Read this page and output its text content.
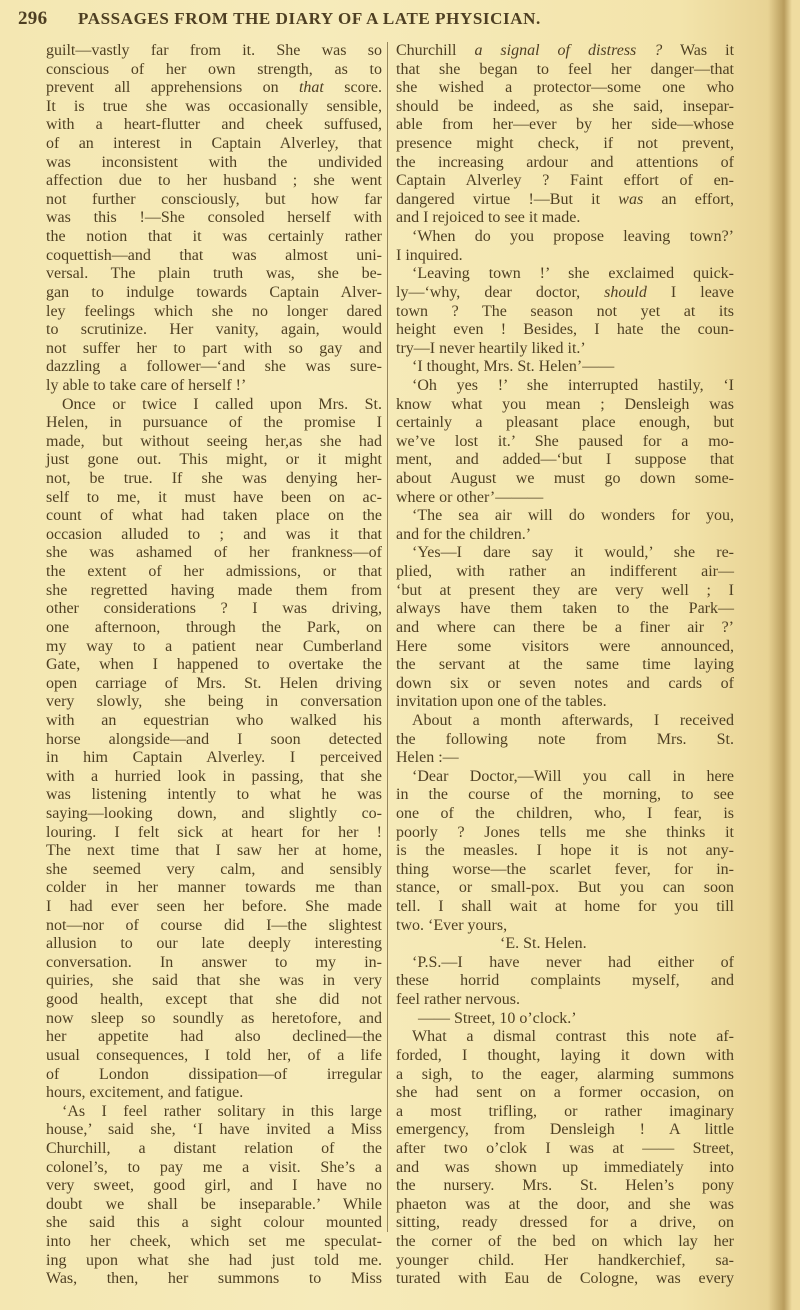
296 PASSAGES FROM THE DIARY OF A LATE PHYSICIAN.
guilt—vastly far from it. She was so
conscious of her own strength, as to
prevent all apprehensions on that score.
It is true she was occasionally sensible,
with a heart-flutter and cheek suffused,
of an interest in Captain Alverley, that
was inconsistent with the undivided
affection due to her husband ; she went
not further consciously, but how far
was this !—She consoled herself with
the notion that it was certainly rather
coquettish—and that was almost uni-
versal. The plain truth was, she be-
gan to indulge towards Captain Alver-
ley feelings which she no longer dared
to scrutinize. Her vanity, again, would
not suffer her to part with so gay and
dazzling a follower—‘and she was sure-
ly able to take care of herself !’
Once or twice I called upon Mrs. St.
Helen, in pursuance of the promise I
made, but without seeing her,as she had
just gone out. This might, or it might
not, be true. If she was denying her-
self to me, it must have been on ac-
count of what had taken place on the
occasion alluded to ; and was it that
she was ashamed of her frankness—of
the extent of her admissions, or that
she regretted having made them from
other considerations ? I was driving,
one afternoon, through the Park, on
my way to a patient near Cumberland
Gate, when I happened to overtake the
open carriage of Mrs. St. Helen driving
very slowly, she being in conversation
with an equestrian who walked his
horse alongside—and I soon detected
in him Captain Alverley. I perceived
with a hurried look in passing, that she
was listening intently to what he was
saying—looking down, and slightly co-
louring. I felt sick at heart for her !
The next time that I saw her at home,
she seemed very calm, and sensibly
colder in her manner towards me than
I had ever seen her before. She made
not—nor of course did I—the slightest
allusion to our late deeply interesting
conversation. In answer to my in-
quiries, she said that she was in very
good health, except that she did not
now sleep so soundly as heretofore, and
her appetite had also declined—the
usual consequences, I told her, of a life
of London dissipation—of irregular
hours, excitement, and fatigue.
‘As I feel rather solitary in this large
house,’ said she, ‘I have invited a Miss
Churchill, a distant relation of the
colonel’s, to pay me a visit. She’s a
very sweet, good girl, and I have no
doubt we shall be inseparable.’ While
she said this a sight colour mounted
into her cheek, which set me speculat-
ing upon what she had just told me.
Was, then, her summons to Miss
Churchill a signal of distress ? Was it
that she began to feel her danger—that
she wished a protector—some one who
should be indeed, as she said, insepar-
able from her—ever by her side—whose
presence might check, if not prevent,
the increasing ardour and attentions of
Captain Alverley ? Faint effort of en-
dangered virtue !—But it was an effort,
and I rejoiced to see it made.
‘When do you propose leaving town?’
I inquired.
‘Leaving town !’ she exclaimed quick-
ly—‘why, dear doctor, should I leave
town ? The season not yet at its
height even ! Besides, I hate the coun-
try—I never heartily liked it.’
‘I thought, Mrs. St. Helen’——
‘Oh yes !’ she interrupted hastily, ‘I
know what you mean ; Densleigh was
certainly a pleasant place enough, but
we’ve lost it.’ She paused for a mo-
ment, and added—‘but I suppose that
about August we must go down some-
where or other’———
‘The sea air will do wonders for you,
and for the children.’
‘Yes—I dare say it would,’ she re-
plied, with rather an indifferent air—
‘but at present they are very well ; I
always have them taken to the Park—
and where can there be a finer air ?’
Here some visitors were announced,
the servant at the same time laying
down six or seven notes and cards of
invitation upon one of the tables.
About a month afterwards, I received
the following note from Mrs. St.
Helen :—
‘Dear Doctor,—Will you call in here
in the course of the morning, to see
one of the children, who, I fear, is
poorly ? Jones tells me she thinks it
is the measles. I hope it is not any-
thing worse—the scarlet fever, for in-
stance, or small-pox. But you can soon
tell. I shall wait at home for you till
two. ‘Ever yours,
‘E. St. Helen.
‘P.S.—I have never had either of
these horrid complaints myself, and
feel rather nervous.
—— Street, 10 o’clock.’
What a dismal contrast this note af-
forded, I thought, laying it down with
a sigh, to the eager, alarming summons
she had sent on a former occasion, on
a most trifling, or rather imaginary
emergency, from Densleigh ! A little
after two o’clok I was at —— Street,
and was shown up immediately into
the nursery. Mrs. St. Helen’s pony
phaeton was at the door, and she was
sitting, ready dressed for a drive, on
the corner of the bed on which lay her
younger child. Her handkerchief, sa-
turated with Eau de Cologne, was every
